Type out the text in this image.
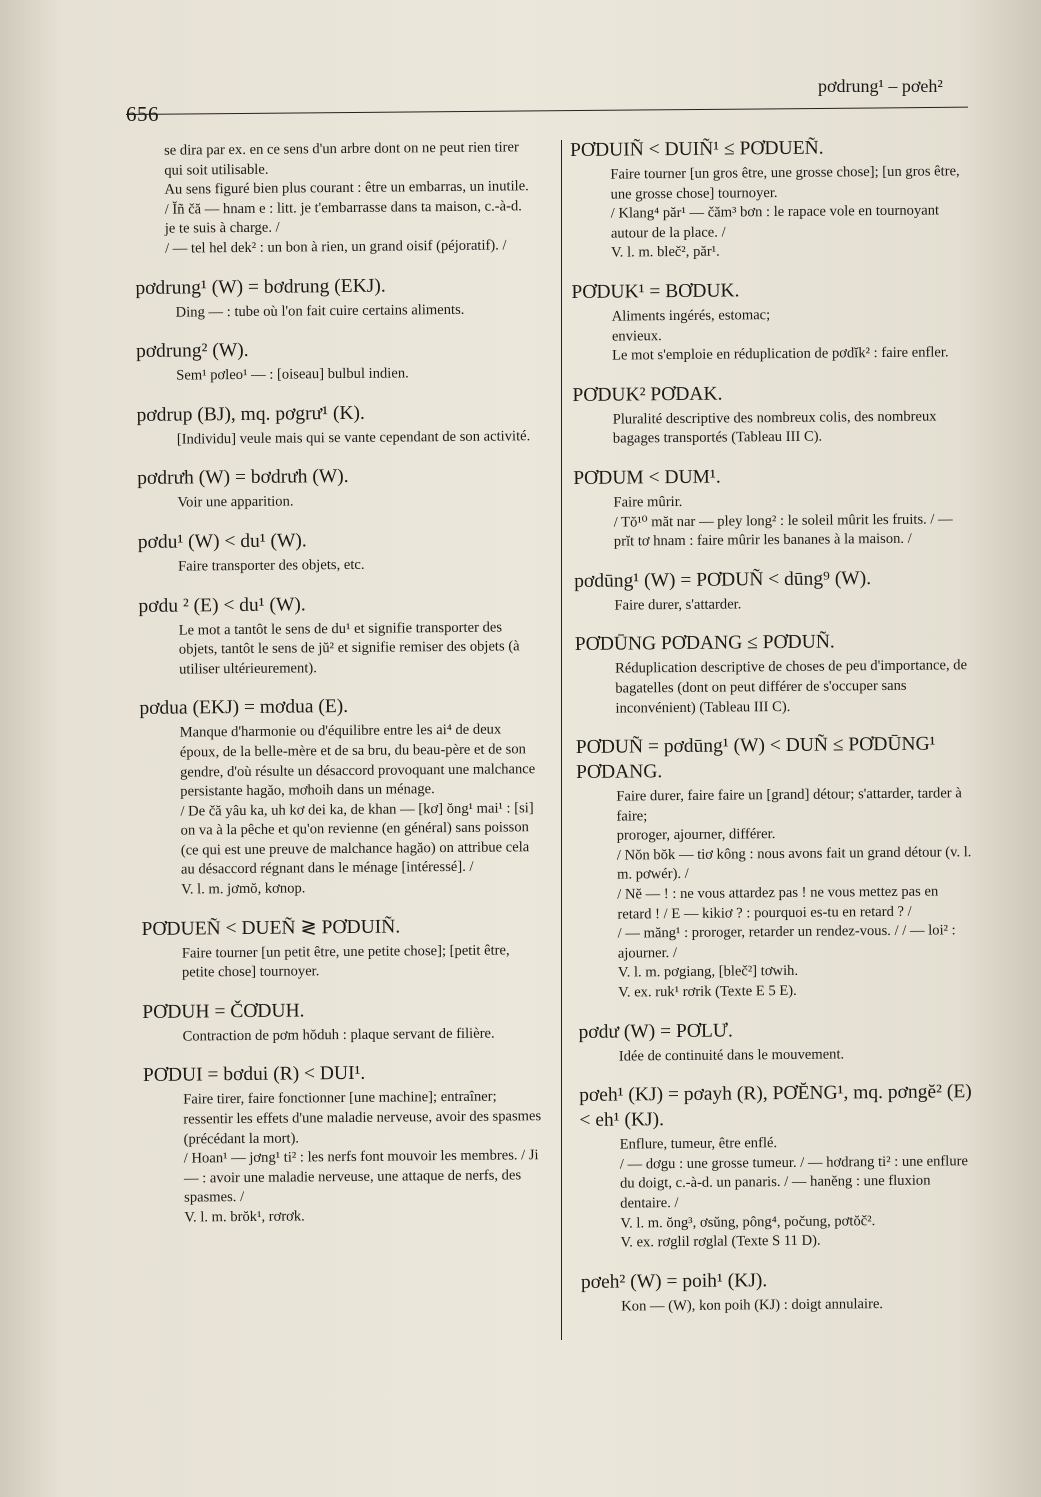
pơdrung¹ – pơeh²
656

se dira par ex. en ce sens d'un arbre dont on ne peut rien tirer qui soit utilisable.

Au sens figuré bien plus courant : être un embarras, un inutile.

/ Ĭñ čă — hnam e : litt. je t'embarrasse dans ta maison, c.-à-d. je te suis à charge. /

/ — tel hel dek² : un bon à rien, un grand oisif (péjoratif). /

pơdrung¹ (W) = bơdrung (EKJ).

Ding — : tube où l'on fait cuire certains aliments.

pơdrung² (W).

Sem¹ pơleo¹ — : [oiseau] bulbul indien.

pơdrup (BJ), mq. pơgrư¹ (K).

[Individu] veule mais qui se vante cependant de son activité.

pơdrưh (W) = bơdrưh (W).

Voir une apparition.

pơdu¹ (W) < du¹ (W).

Faire transporter des objets, etc.

pơdu ² (E) < du¹ (W).

Le mot a tantôt le sens de du¹ et signifie transporter des objets, tantôt le sens de jŭ² et signifie remiser des objets (à utiliser ultérieurement).

pơdua (EKJ) = mơdua (E).

Manque d'harmonie ou d'équilibre entre les ai⁴ de deux époux, de la belle-mère et de sa bru, du beau-père et de son gendre, d'où résulte un désaccord provoquant une malchance persistante hagăo, mơhoih dans un ménage.

/ De čă yâu ka, uh kơ dei ka, de khan — [kơ] ŏng¹ mai¹ : [si] on va à la pêche et qu'on revienne (en général) sans poisson (ce qui est une preuve de malchance hagăo) on attribue cela au désaccord régnant dans le ménage [intéressé]. /

V. l. m. jơmŏ, kơnop.

PƠDUEÑ < DUEÑ ≷ PƠDUIÑ.

Faire tourner [un petit être, une petite chose]; [petit être, petite chose] tournoyer.

PƠDUH = ČƠDUH.

Contraction de pơm hŏduh : plaque servant de filière.

PƠDUI = bơdui (R) < DUI¹.

Faire tirer, faire fonctionner [une machine]; entraîner;

ressentir les effets d'une maladie nerveuse, avoir des spasmes (précédant la mort).

/ Hoan¹ — jơng¹ ti² : les nerfs font mouvoir les membres. / Ji — : avoir une maladie nerveuse, une attaque de nerfs, des spasmes. /

V. l. m. brŏk¹, rơrơk.

PƠDUIÑ < DUIÑ¹ ≤ PƠDUEÑ.

Faire tourner [un gros être, une grosse chose]; [un gros être, une grosse chose] tournoyer.

/ Klang⁴ păr¹ — čăm³ bơn : le rapace vole en tournoyant autour de la place. /

V. l. m. blеč², păr¹.

PƠDUK¹ = BƠDUK.

Aliments ingérés, estomac;

envieux.

Le mot s'emploie en réduplication de pơdĭk² : faire enfler.

PƠDUK² PƠDAK.

Pluralité descriptive des nombreux colis, des nombreux bagages transportés (Tableau III C).

PƠDUM < DUM¹.

Faire mûrir.

/ Tŏ¹⁰ măt nar — pley long² : le soleil mûrit les fruits. / — prĭt tơ hnam : faire mûrir les bananes à la maison. /

pơdūng¹ (W) = PƠDUÑ < dūng⁹ (W).

Faire durer, s'attarder.

PƠDŪNG PƠDANG ≤ PƠDUÑ.

Réduplication descriptive de choses de peu d'importance, de bagatelles (dont on peut différer de s'occuper sans inconvénient) (Tableau III C).

PƠDUÑ = pơdūng¹ (W) < DUÑ ≤ PƠDŪNG¹ PƠDANG.

Faire durer, faire faire un [grand] détour; s'attarder, tarder à faire;

proroger, ajourner, différer.

/ Nŏn bŏk — tiơ kông : nous avons fait un grand détour (v. l. m. pơwér). /

/ Nĕ — ! : ne vous attardez pas ! ne vous mettez pas en retard ! / E — kikiơ ? : pourquoi es-tu en retard ? /

/ — măng¹ : proroger, retarder un rendez-vous. / / — loi² : ajourner. /

V. l. m. pơgiang, [blеč²] tơwih.

V. ex. ruk¹ rơrik (Texte E 5 E).

pơdư (W) = PƠLƯ.

Idée de continuité dans le mouvement.

pơeh¹ (KJ) = pơayh (R), PƠĔNG¹, mq. pơngĕ² (E) < eh¹ (KJ).

Enflure, tumeur, être enflé.

/ — dơgu : une grosse tumeur. / — hơdrang ti² : une enflure du doigt, c.-à-d. un panaris. / — hanĕng : une fluxion dentaire. /

V. l. m. ŏng³, ơsŭng, pông⁴, počung, pơtŏč².

V. ex. rơglil rơglal (Texte S 11 D).

pơeh² (W) = poih¹ (KJ).

Kon — (W), kon poih (KJ) : doigt annulaire.
